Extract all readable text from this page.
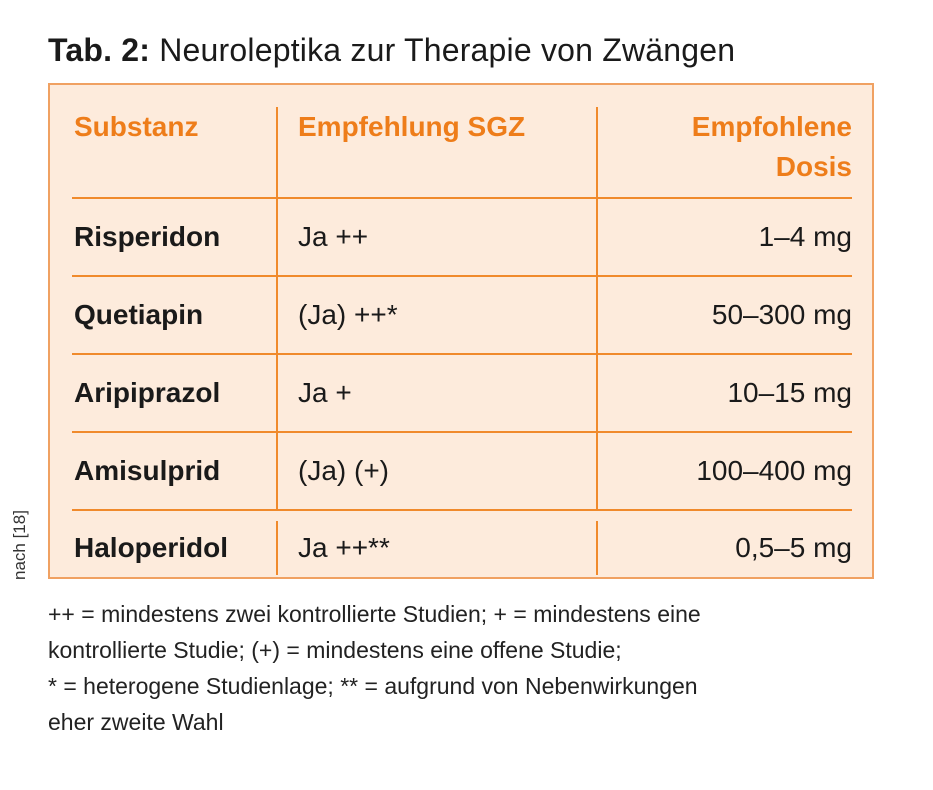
Tab. 2: Neuroleptika zur Therapie von Zwängen
nach [18]
Substanz	Empfehlung SGZ	Empfohlene
Dosis
Risperidon	Ja ++	1–4 mg
Quetiapin	(Ja) ++*	50–300 mg
Aripiprazol	Ja +	10–15 mg
Amisulprid	(Ja) (+)	100–400 mg
Haloperidol	Ja ++**	0,5–5 mg
++ = mindestens zwei kontrollierte Studien; + = mindestens eine
kontrollierte Studie; (+) = mindestens eine offene Studie;
* = heterogene Studienlage; ** = aufgrund von Nebenwirkungen
eher zweite Wahl
